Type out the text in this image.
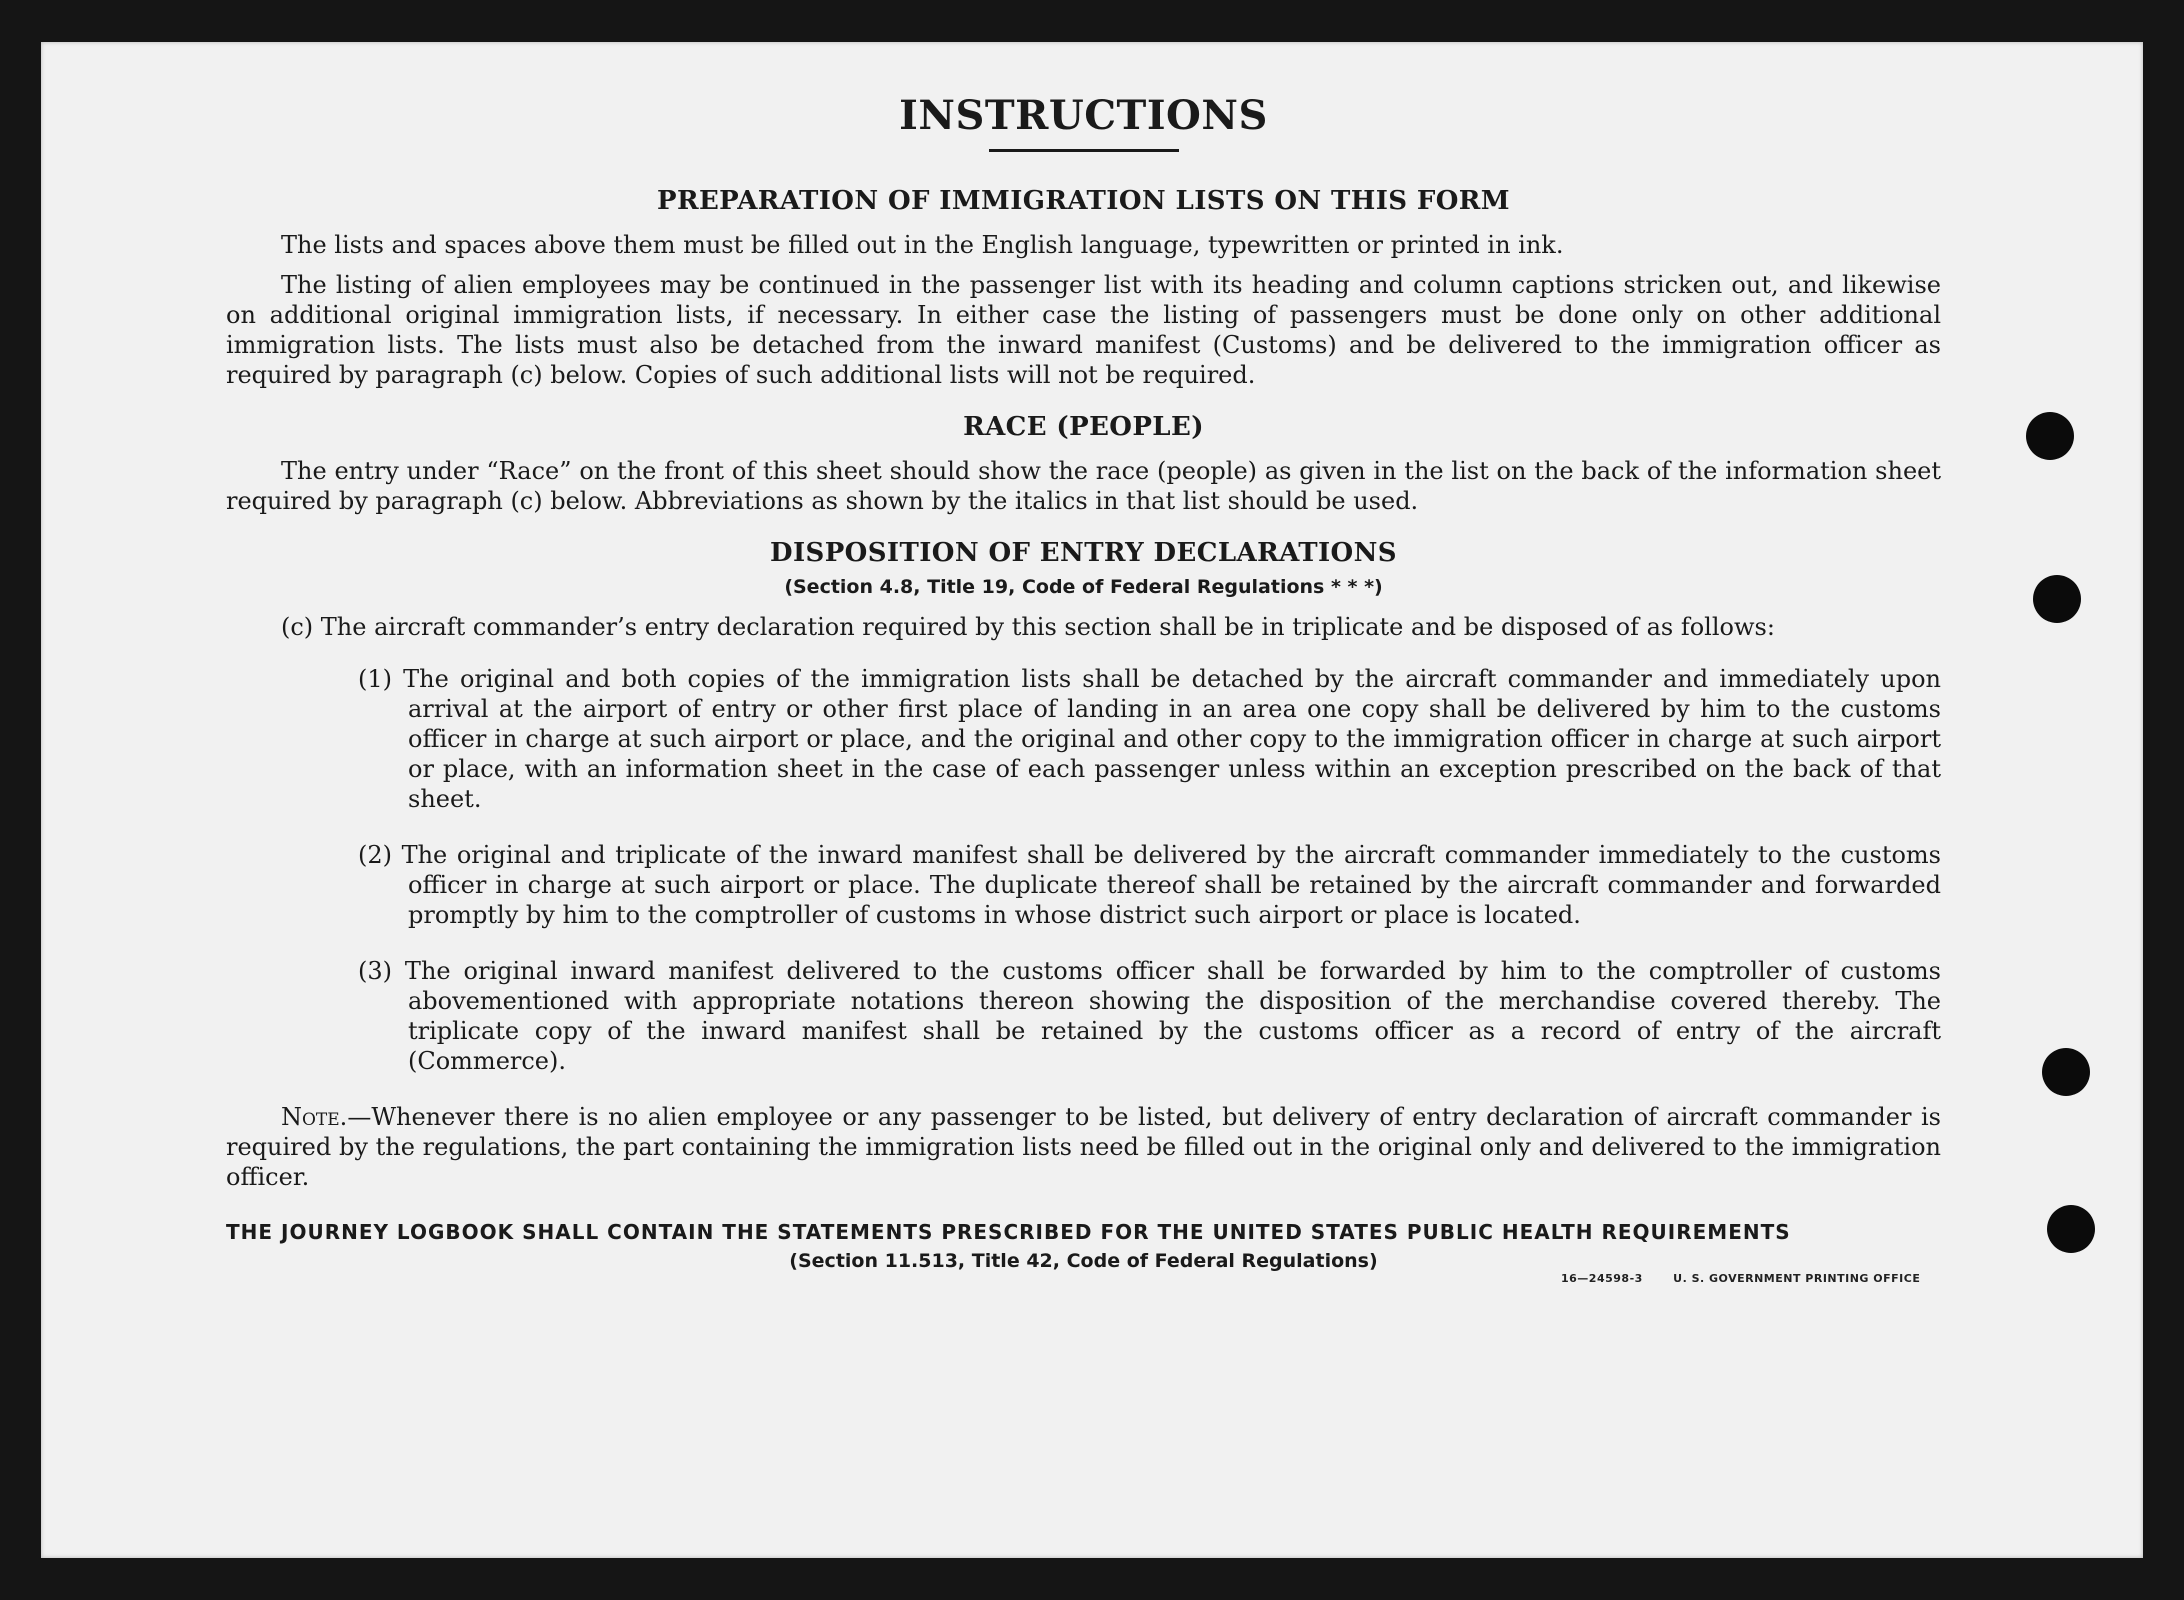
INSTRUCTIONS
PREPARATION OF IMMIGRATION LISTS ON THIS FORM

The lists and spaces above them must be filled out in the English language, typewritten or printed in ink.

The listing of alien employees may be continued in the passenger list with its heading and column captions stricken out, and likewise on additional original immigration lists, if necessary. In either case the listing of passengers must be done only on other additional immigration lists. The lists must also be detached from the inward manifest (Customs) and be delivered to the immigration officer as required by paragraph (c) below. Copies of such additional lists will not be required.

RACE (PEOPLE)

The entry under “Race” on the front of this sheet should show the race (people) as given in the list on the back of the information sheet required by paragraph (c) below. Abbreviations as shown by the italics in that list should be used.

DISPOSITION OF ENTRY DECLARATIONS
(Section 4.8, Title 19, Code of Federal Regulations * * *)
(c) The aircraft commander’s entry declaration required by this section shall be in triplicate and be disposed of as follows:
(1) The original and both copies of the immigration lists shall be detached by the aircraft commander and immediately upon arrival at the airport of entry or other first place of landing in an area one copy shall be delivered by him to the customs officer in charge at such airport or place, and the original and other copy to the immigration officer in charge at such airport or place, with an information sheet in the case of each passenger unless within an exception prescribed on the back of that sheet.
(2) The original and triplicate of the inward manifest shall be delivered by the aircraft commander immediately to the customs officer in charge at such airport or place. The duplicate thereof shall be retained by the aircraft commander and forwarded promptly by him to the comptroller of customs in whose district such airport or place is located.
(3) The original inward manifest delivered to the customs officer shall be forwarded by him to the comptroller of customs abovementioned with appropriate notations thereon showing the disposition of the merchandise covered thereby. The triplicate copy of the inward manifest shall be retained by the customs officer as a record of entry of the aircraft (Commerce).

Note.—Whenever there is no alien employee or any passenger to be listed, but delivery of entry declaration of aircraft commander is required by the regulations, the part containing the immigration lists need be filled out in the original only and delivered to the immigration officer.

THE JOURNEY LOGBOOK SHALL CONTAIN THE STATEMENTS PRESCRIBED FOR THE UNITED STATES PUBLIC HEALTH REQUIREMENTS
(Section 11.513, Title 42, Code of Federal Regulations)
16—24598-3	U. S. GOVERNMENT PRINTING OFFICE
